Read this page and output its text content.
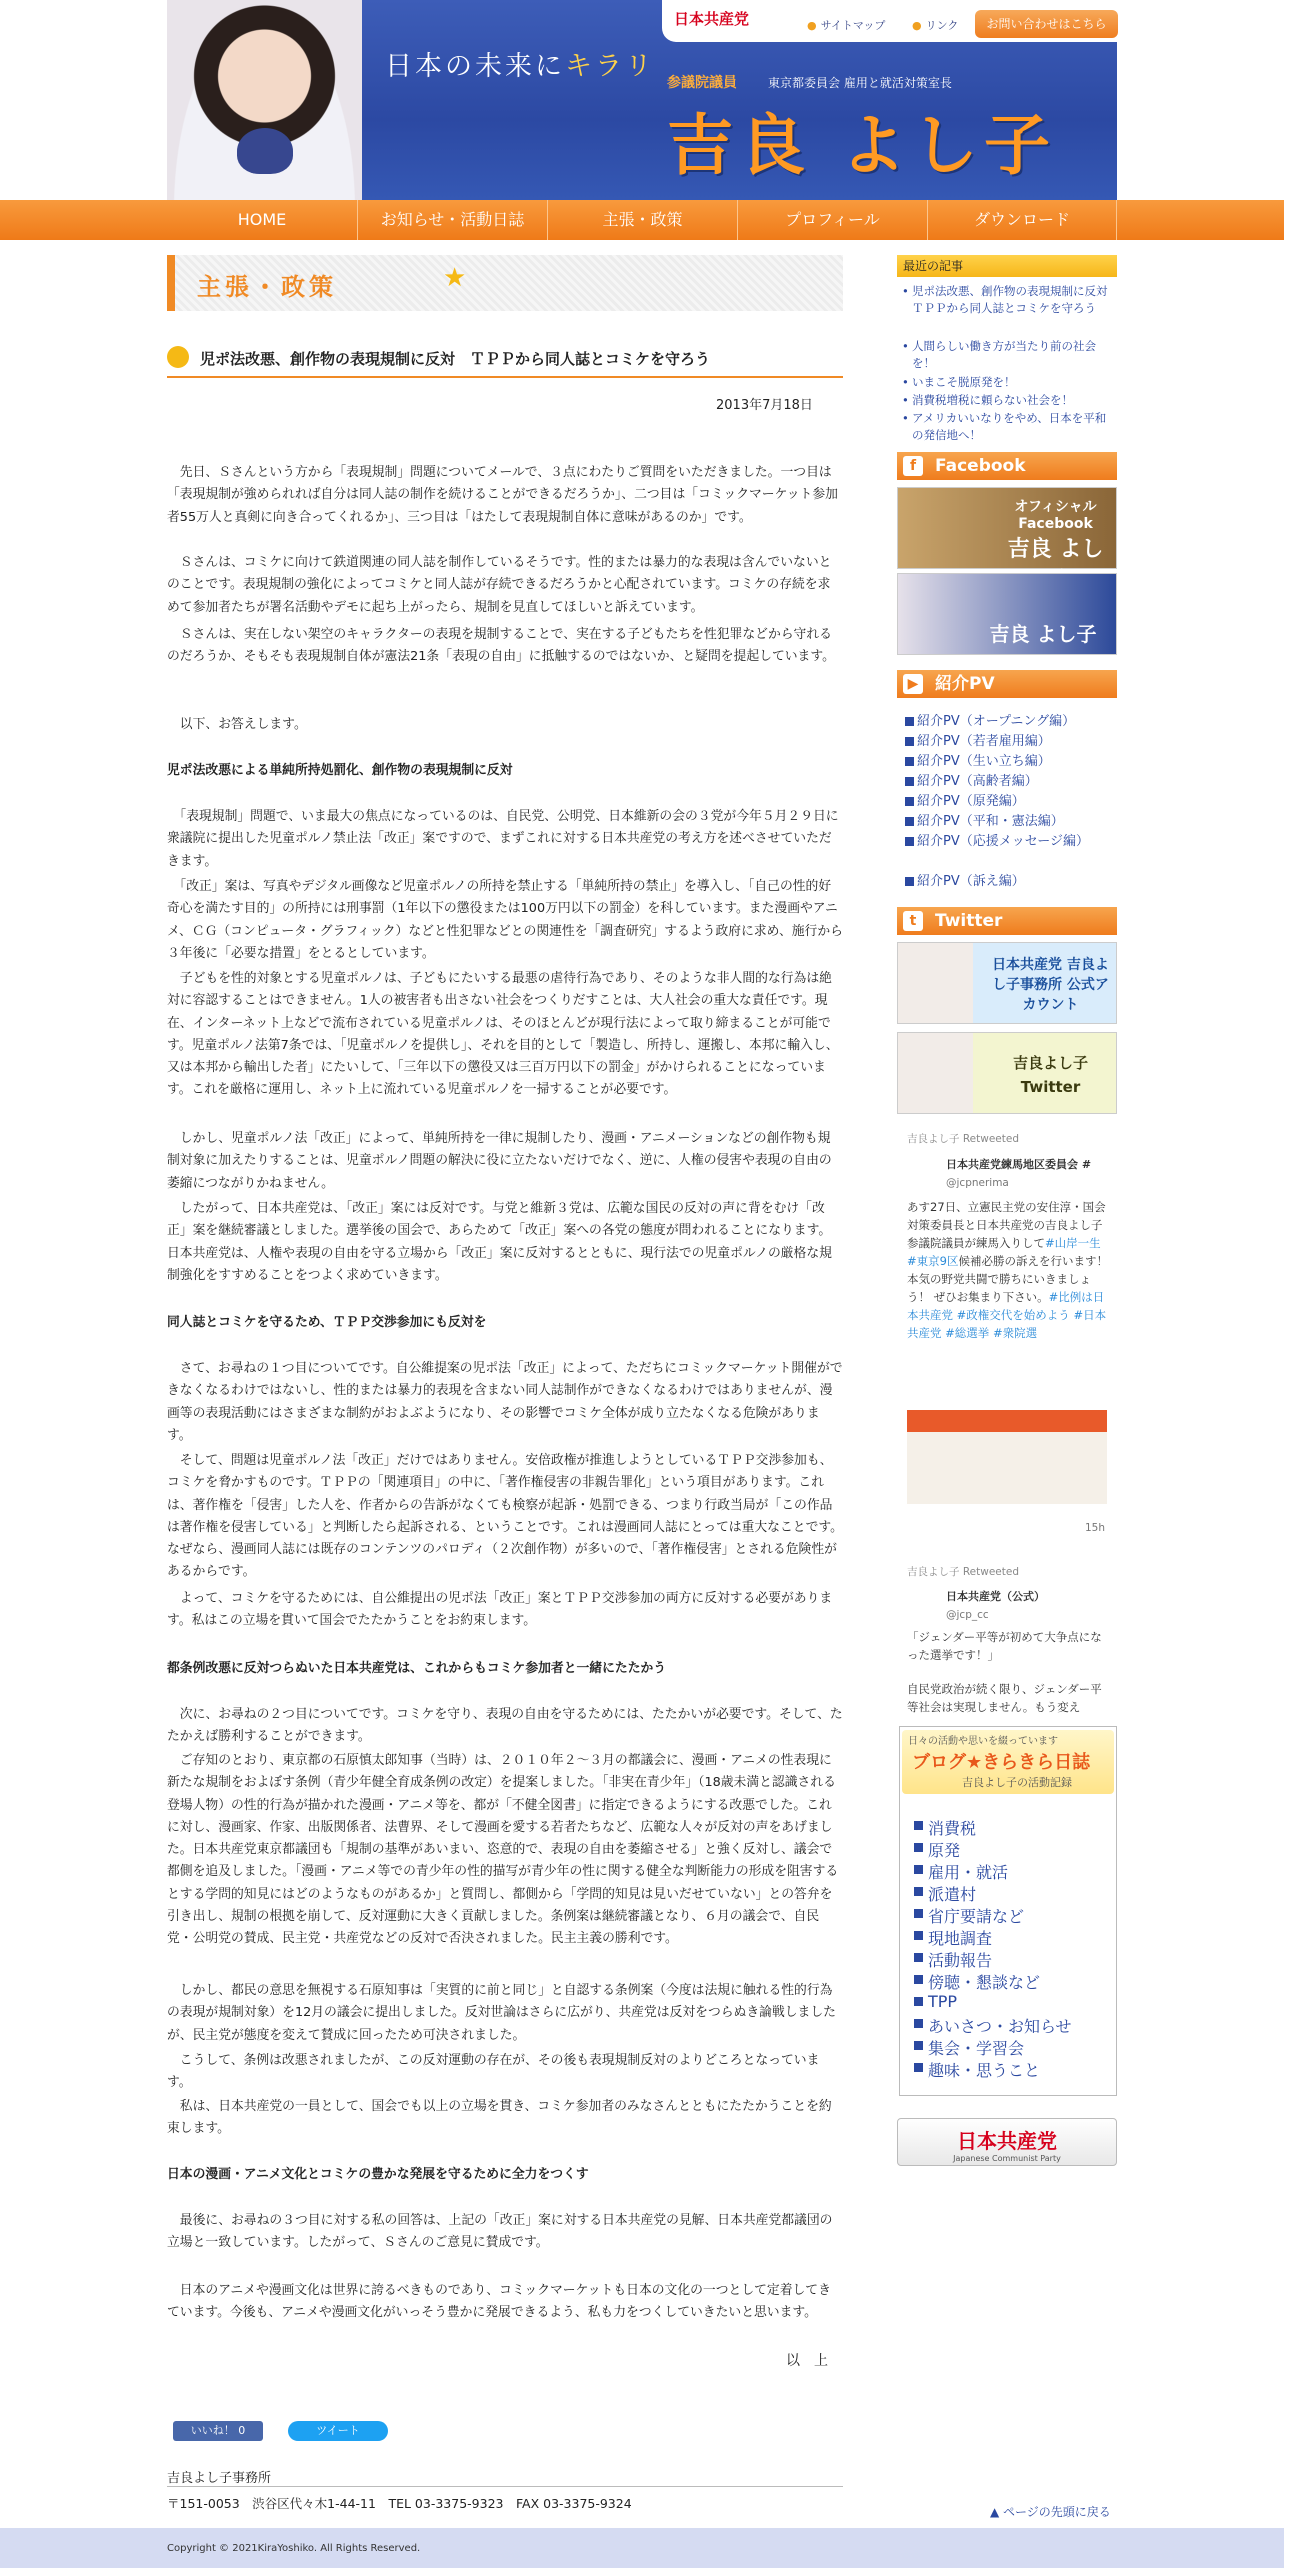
日本の未来にキラリ
日本共産党	● サイトマップ ● リンク	お問い合わせはこちら
参議院議員	東京都委員会 雇用と就活対策室長
吉良 よし子
HOME	お知らせ・活動日誌	主張・政策	プロフィール	ダウンロード
主張・政策	★
児ポ法改悪、創作物の表現規制に反対　ＴＰＰから同人誌とコミケを守ろう
2013年7月18日
　先日、Ｓさんという方から「表現規制」問題についてメールで、３点にわたりご質問をいただきました。一つ目は「表現規制が強められれば自分は同人誌の制作を続けることができるだろうか」、二つ目は「コミックマーケット参加者55万人と真剣に向き合ってくれるか」、三つ目は「はたして表現規制自体に意味があるのか」です。
　Ｓさんは、コミケに向けて鉄道関連の同人誌を制作しているそうです。性的または暴力的な表現は含んでいないとのことです。表現規制の強化によってコミケと同人誌が存続できるだろうかと心配されています。コミケの存続を求めて参加者たちが署名活動やデモに起ち上がったら、規制を見直してほしいと訴えています。
　Ｓさんは、実在しない架空のキャラクターの表現を規制することで、実在する子どもたちを性犯罪などから守れるのだろうか、そもそも表現規制自体が憲法21条「表現の自由」に抵触するのではないか、と疑問を提起しています。
　以下、お答えします。
児ポ法改悪による単純所持処罰化、創作物の表現規制に反対
　「表現規制」問題で、いま最大の焦点になっているのは、自民党、公明党、日本維新の会の３党が今年５月２９日に衆議院に提出した児童ポルノ禁止法「改正」案ですので、まずこれに対する日本共産党の考え方を述べさせていただきます。
　「改正」案は、写真やデジタル画像など児童ポルノの所持を禁止する「単純所持の禁止」を導入し、「自己の性的好奇心を満たす目的」の所持には刑事罰（1年以下の懲役または100万円以下の罰金）を科しています。また漫画やアニメ、ＣＧ（コンピュータ・グラフィック）などと性犯罪などとの関連性を「調査研究」するよう政府に求め、施行から３年後に「必要な措置」をとるとしています。
　子どもを性的対象とする児童ポルノは、子どもにたいする最悪の虐待行為であり、そのような非人間的な行為は絶対に容認することはできません。1人の被害者も出さない社会をつくりだすことは、大人社会の重大な責任です。現在、インターネット上などで流布されている児童ポルノは、そのほとんどが現行法によって取り締まることが可能です。児童ポルノ法第7条では、「児童ポルノを提供し」、それを目的として「製造し、所持し、運搬し、本邦に輸入し、又は本邦から輸出した者」にたいして、「三年以下の懲役又は三百万円以下の罰金」がかけられることになっています。これを厳格に運用し、ネット上に流れている児童ポルノを一掃することが必要です。
　しかし、児童ポルノ法「改正」によって、単純所持を一律に規制したり、漫画・アニメーションなどの創作物も規制対象に加えたりすることは、児童ポルノ問題の解決に役に立たないだけでなく、逆に、人権の侵害や表現の自由の萎縮につながりかねません。
　したがって、日本共産党は、「改正」案には反対です。与党と維新３党は、広範な国民の反対の声に背をむけ「改正」案を継続審議としました。選挙後の国会で、あらためて「改正」案への各党の態度が問われることになります。日本共産党は、人権や表現の自由を守る立場から「改正」案に反対するとともに、現行法での児童ポルノの厳格な規制強化をすすめることをつよく求めていきます。
同人誌とコミケを守るため、ＴＰＰ交渉参加にも反対を
　さて、お尋ねの１つ目についてです。自公維提案の児ポ法「改正」によって、ただちにコミックマーケット開催ができなくなるわけではないし、性的または暴力的表現を含まない同人誌制作ができなくなるわけではありませんが、漫画等の表現活動にはさまざまな制約がおよぶようになり、その影響でコミケ全体が成り立たなくなる危険があります。
　そして、問題は児童ポルノ法「改正」だけではありません。安倍政権が推進しようとしているＴＰＰ交渉参加も、コミケを脅かすものです。ＴＰＰの「関連項目」の中に、「著作権侵害の非親告罪化」という項目があります。これは、著作権を「侵害」した人を、作者からの告訴がなくても検察が起訴・処罰できる、つまり行政当局が「この作品は著作権を侵害している」と判断したら起訴される、ということです。これは漫画同人誌にとっては重大なことです。なぜなら、漫画同人誌には既存のコンテンツのパロディ（２次創作物）が多いので、「著作権侵害」とされる危険性があるからです。
　よって、コミケを守るためには、自公維提出の児ポ法「改正」案とＴＰＰ交渉参加の両方に反対する必要があります。私はこの立場を貫いて国会でたたかうことをお約束します。
都条例改悪に反対つらぬいた日本共産党は、これからもコミケ参加者と一緒にたたかう
　次に、お尋ねの２つ目についてです。コミケを守り、表現の自由を守るためには、たたかいが必要です。そして、たたかえば勝利することができます。
　ご存知のとおり、東京都の石原慎太郎知事（当時）は、２０１０年２～３月の都議会に、漫画・アニメの性表現に新たな規制をおよぼす条例（青少年健全育成条例の改定）を提案しました。「非実在青少年」（18歳未満と認識される登場人物）の性的行為が描かれた漫画・アニメ等を、都が「不健全図書」に指定できるようにする改悪でした。これに対し、漫画家、作家、出版関係者、法曹界、そして漫画を愛する若者たちなど、広範な人々が反対の声をあげました。日本共産党東京都議団も「規制の基準があいまい、恣意的で、表現の自由を萎縮させる」と強く反対し、議会で都側を追及しました。「漫画・アニメ等での青少年の性的描写が青少年の性に関する健全な判断能力の形成を阻害するとする学問的知見にはどのようなものがあるか」と質問し、都側から「学問的知見は見いだせていない」との答弁を引き出し、規制の根拠を崩して、反対運動に大きく貢献しました。条例案は継続審議となり、６月の議会で、自民党・公明党の賛成、民主党・共産党などの反対で否決されました。民主主義の勝利です。
　しかし、都民の意思を無視する石原知事は「実質的に前と同じ」と自認する条例案（今度は法規に触れる性的行為の表現が規制対象）を12月の議会に提出しました。反対世論はさらに広がり、共産党は反対をつらぬき論戦しましたが、民主党が態度を変えて賛成に回ったため可決されました。
　こうして、条例は改悪されましたが、この反対運動の存在が、その後も表現規制反対のよりどころとなっています。
　私は、日本共産党の一員として、国会でも以上の立場を貫き、コミケ参加者のみなさんとともにたたかうことを約束します。
日本の漫画・アニメ文化とコミケの豊かな発展を守るために全力をつくす
　最後に、お尋ねの３つ目に対する私の回答は、上記の「改正」案に対する日本共産党の見解、日本共産党都議団の立場と一致しています。したがって、Ｓさんのご意見に賛成です。
　日本のアニメや漫画文化は世界に誇るべきものであり、コミックマーケットも日本の文化の一つとして定着してきています。今後も、アニメや漫画文化がいっそう豊かに発展できるよう、私も力をつくしていきたいと思います。
以　上
いいね！ 0	ツイート
吉良よし子事務所
〒151-0053　渋谷区代々木1-44-11　TEL 03-3375-9323　FAX 03-3375-9324
▲ ページの先頭に戻る
Copyright © 2021KiraYoshiko. All Rights Reserved.
最近の記事
• 児ポ法改悪、創作物の表現規制に反対　ＴＰＰから同人誌とコミケを守ろう
• 人間らしい働き方が当たり前の社会を！
• いまこそ脱原発を！
• 消費税増税に頼らない社会を！
• アメリカいいなりをやめ、日本を平和の発信地へ！
f	Facebook
オフィシャル Facebook
吉良 よし
吉良 よし子
▶ 紹介PV
紹介PV（オープニング編）
紹介PV（若者雇用編）
紹介PV（生い立ち編）
紹介PV（高齢者編）
紹介PV（原発編）
紹介PV（平和・憲法編）
紹介PV（応援メッセージ編）
紹介PV（訴え編）
t	Twitter
日本共産党 吉良よし子事務所 公式アカウント
吉良よし子 Twitter
吉良よし子 Retweeted
日本共産党練馬地区委員会 #
@jcpnerima
あす27日、立憲民主党の安住淳・国会対策委員長と日本共産党の吉良よし子参議院議員が練馬入りして#山岸一生 #東京9区候補必勝の訴えを行います！ 本気の野党共闘で勝ちにいきましょう！ ぜひお集まり下さい。#比例は日本共産党 #政権交代を始めよう #日本共産党 #総選挙 #衆院選
15h
吉良よし子 Retweeted
日本共産党（公式）
@jcp_cc
「ジェンダー平等が初めて大争点になった選挙です！」
自民党政治が続く限り、ジェンダー平等社会は実現しません。もう変え
日々の活動や思いを綴っています
ブログ★きらきら日誌
吉良よし子の活動記録
消費税
原発
雇用・就活
派遣村
省庁要請など
現地調査
活動報告
傍聴・懇談など
TPP
あいさつ・お知らせ
集会・学習会
趣味・思うこと
日本共産党
Japanese Communist Party
